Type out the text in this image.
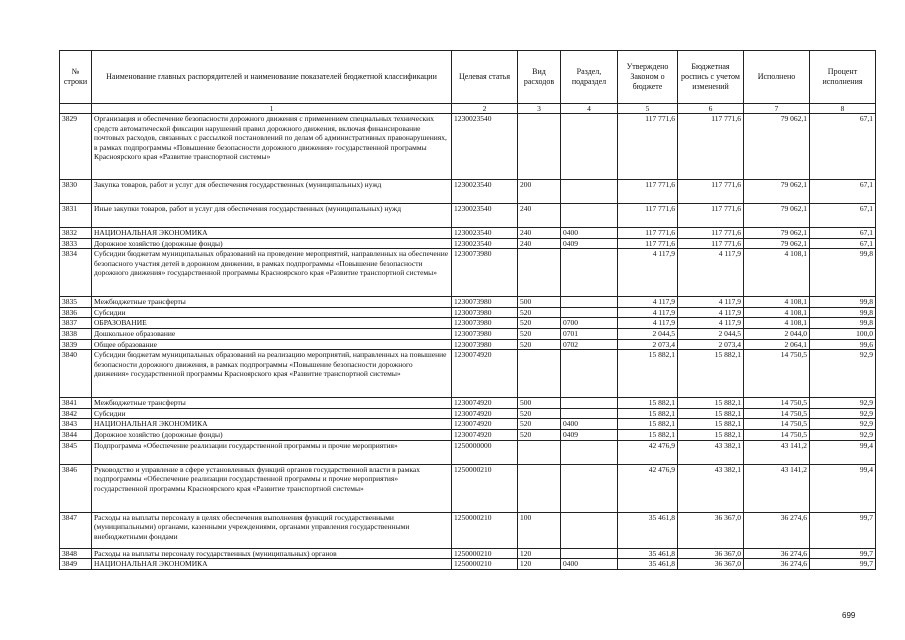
№ строки	Наименование главных распорядителей и наименование показателей бюджетной классификации	Целевая статья	Вид расходов	Раздел, подраздел	Утверждено Законом о бюджете	Бюджетная роспись с учетом изменений	Исполнено	Процент исполнения
	1	2	3	4	5	6	7	8
3829	Организация и обеспечение безопасности дорожного движения с применением специальных технических средств автоматической фиксации нарушений правил дорожного движения, включая финансирование почтовых расходов, связанных с рассылкой постановлений по делам об административных правонарушениях, в рамках подпрограммы «Повышение безопасности дорожного движения» государственной программы Красноярского края «Развитие транспортной системы»	1230023540			117 771,6	117 771,6	79 062,1	67,1
3830	Закупка товаров, работ и услуг для обеспечения государственных (муниципальных) нужд	1230023540	200		117 771,6	117 771,6	79 062,1	67,1
3831	Иные закупки товаров, работ и услуг для обеспечения государственных (муниципальных) нужд	1230023540	240		117 771,6	117 771,6	79 062,1	67,1
3832	НАЦИОНАЛЬНАЯ ЭКОНОМИКА	1230023540	240	0400	117 771,6	117 771,6	79 062,1	67,1
3833	Дорожное хозяйство (дорожные фонды)	1230023540	240	0409	117 771,6	117 771,6	79 062,1	67,1
3834	Субсидии бюджетам муниципальных образований на проведение мероприятий, направленных на обеспечение безопасного участия детей в дорожном движении, в рамках подпрограммы «Повышение безопасности дорожного движения» государственной программы Красноярского края «Развитие транспортной системы»	1230073980			4 117,9	4 117,9	4 108,1	99,8
3835	Межбюджетные трансферты	1230073980	500		4 117,9	4 117,9	4 108,1	99,8
3836	Субсидии	1230073980	520		4 117,9	4 117,9	4 108,1	99,8
3837	ОБРАЗОВАНИЕ	1230073980	520	0700	4 117,9	4 117,9	4 108,1	99,8
3838	Дошкольное образование	1230073980	520	0701	2 044,5	2 044,5	2 044,0	100,0
3839	Общее образование	1230073980	520	0702	2 073,4	2 073,4	2 064,1	99,6
3840	Субсидии бюджетам муниципальных образований на реализацию мероприятий, направленных на повышение безопасности дорожного движения, в рамках подпрограммы «Повышение безопасности дорожного движения» государственной программы Красноярского края «Развитие транспортной системы»	1230074920			15 882,1	15 882,1	14 750,5	92,9
3841	Межбюджетные трансферты	1230074920	500		15 882,1	15 882,1	14 750,5	92,9
3842	Субсидии	1230074920	520		15 882,1	15 882,1	14 750,5	92,9
3843	НАЦИОНАЛЬНАЯ ЭКОНОМИКА	1230074920	520	0400	15 882,1	15 882,1	14 750,5	92,9
3844	Дорожное хозяйство (дорожные фонды)	1230074920	520	0409	15 882,1	15 882,1	14 750,5	92,9
3845	Подпрограмма «Обеспечение реализации государственной программы и прочие мероприятия»	1250000000			42 476,9	43 382,1	43 141,2	99,4
3846	Руководство и управление в сфере установленных функций органов государственной власти в рамках подпрограммы «Обеспечение реализации государственной программы и прочие мероприятия» государственной программы Красноярского края «Развитие транспортной системы»	1250000210			42 476,9	43 382,1	43 141,2	99,4
3847	Расходы на выплаты персоналу в целях обеспечения выполнения функций государственными (муниципальными) органами, казенными учреждениями, органами управления государственными внебюджетными фондами	1250000210	100		35 461,8	36 367,0	36 274,6	99,7
3848	Расходы на выплаты персоналу государственных (муниципальных) органов	1250000210	120		35 461,8	36 367,0	36 274,6	99,7
3849	НАЦИОНАЛЬНАЯ ЭКОНОМИКА	1250000210	120	0400	35 461,8	36 367,0	36 274,6	99,7
699
